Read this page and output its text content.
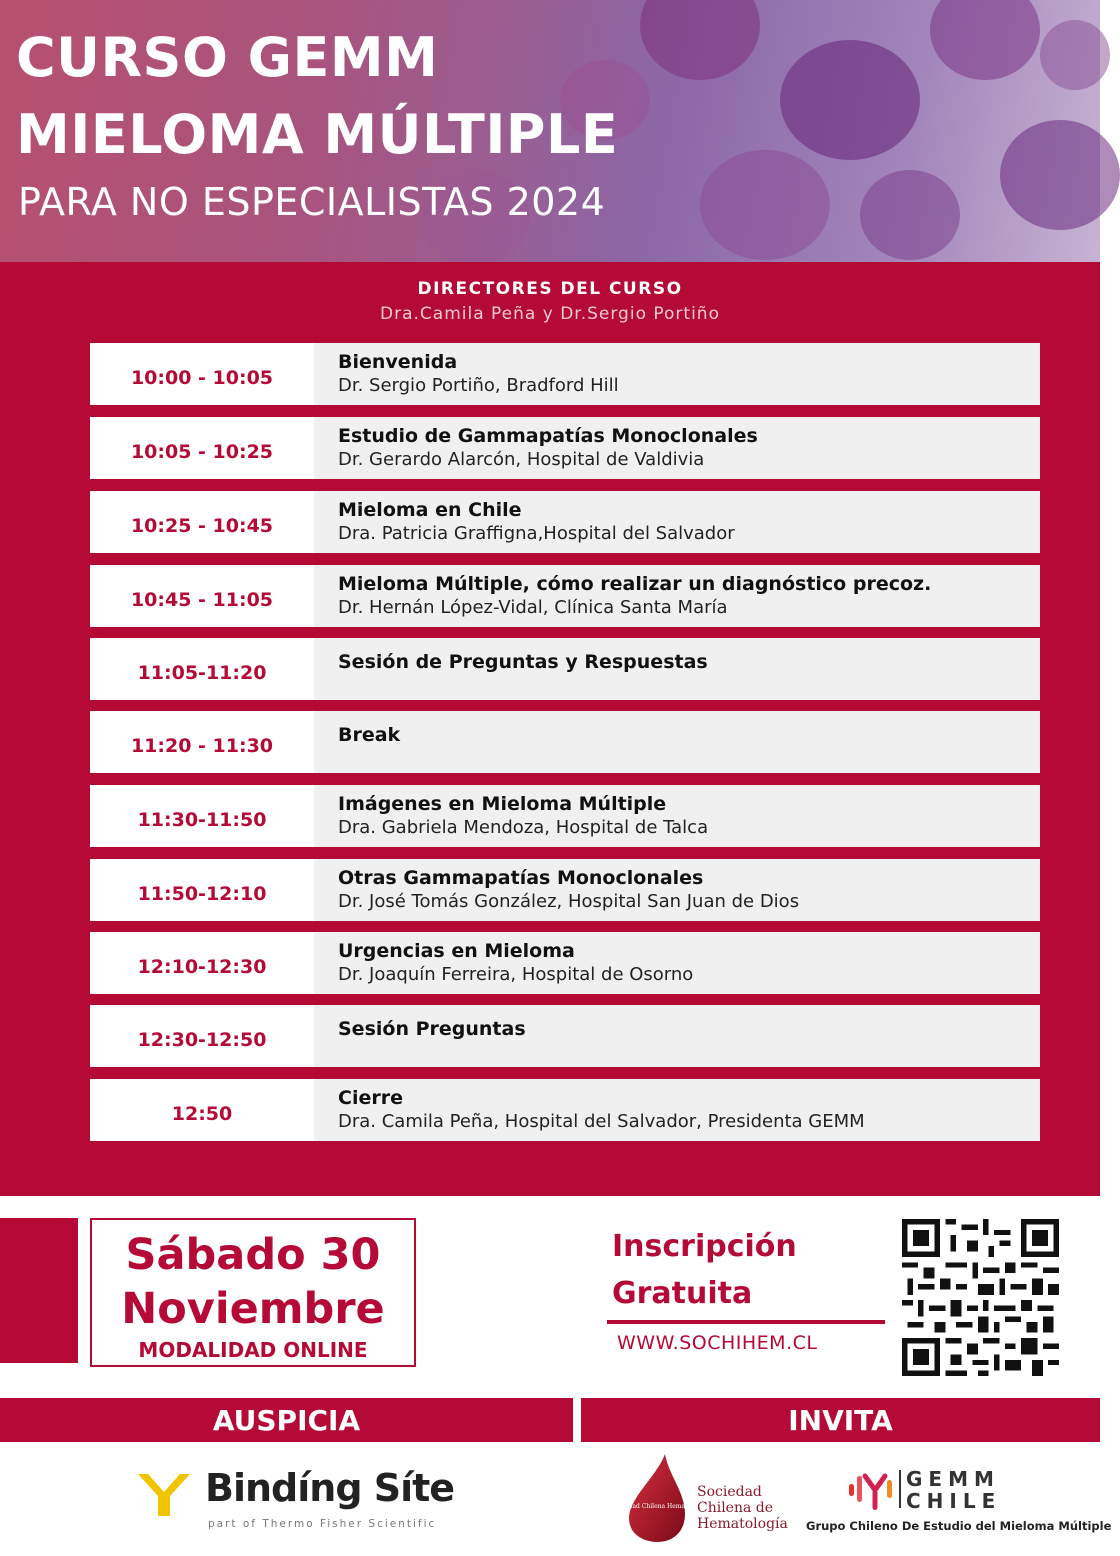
CURSO GEMM
MIELOMA MÚLTIPLE
PARA NO ESPECIALISTAS 2024
DIRECTORES DEL CURSO
Dra.Camila Peña y Dr.Sergio Portiño
10:00 - 10:05
Bienvenida
Dr. Sergio Portiño, Bradford Hill
10:05 - 10:25
Estudio de Gammapatías Monoclonales
Dr. Gerardo Alarcón, Hospital de Valdivia
10:25 - 10:45
Mieloma en Chile
Dra. Patricia Graffigna,Hospital del Salvador
10:45 - 11:05
Mieloma Múltiple, cómo realizar un diagnóstico precoz.
Dr. Hernán López-Vidal, Clínica Santa María
11:05-11:20	Sesión de Preguntas y Respuestas
11:20 - 11:30	Break
11:30-11:50
Imágenes en Mieloma Múltiple
Dra. Gabriela Mendoza, Hospital de Talca
11:50-12:10
Otras Gammapatías Monoclonales
Dr. José Tomás González, Hospital San Juan de Dios
12:10-12:30
Urgencias en Mieloma
Dr. Joaquín Ferreira, Hospital de Osorno
12:30-12:50	Sesión Preguntas
12:50
Cierre
Dra. Camila Peña, Hospital del Salvador, Presidenta GEMM
Sábado 30
Noviembre
MODALIDAD ONLINE
Inscripción
Gratuita
WWW.SOCHIHEM.CL
AUSPICIA	INVITA
Bindíng Síte
part of Thermo Fisher Scientific
Sociedad Chilena Hematología
Sociedad
Chilena de
Hematología
GEMM
CHILE
Grupo Chileno De Estudio del Mieloma Múltiple
